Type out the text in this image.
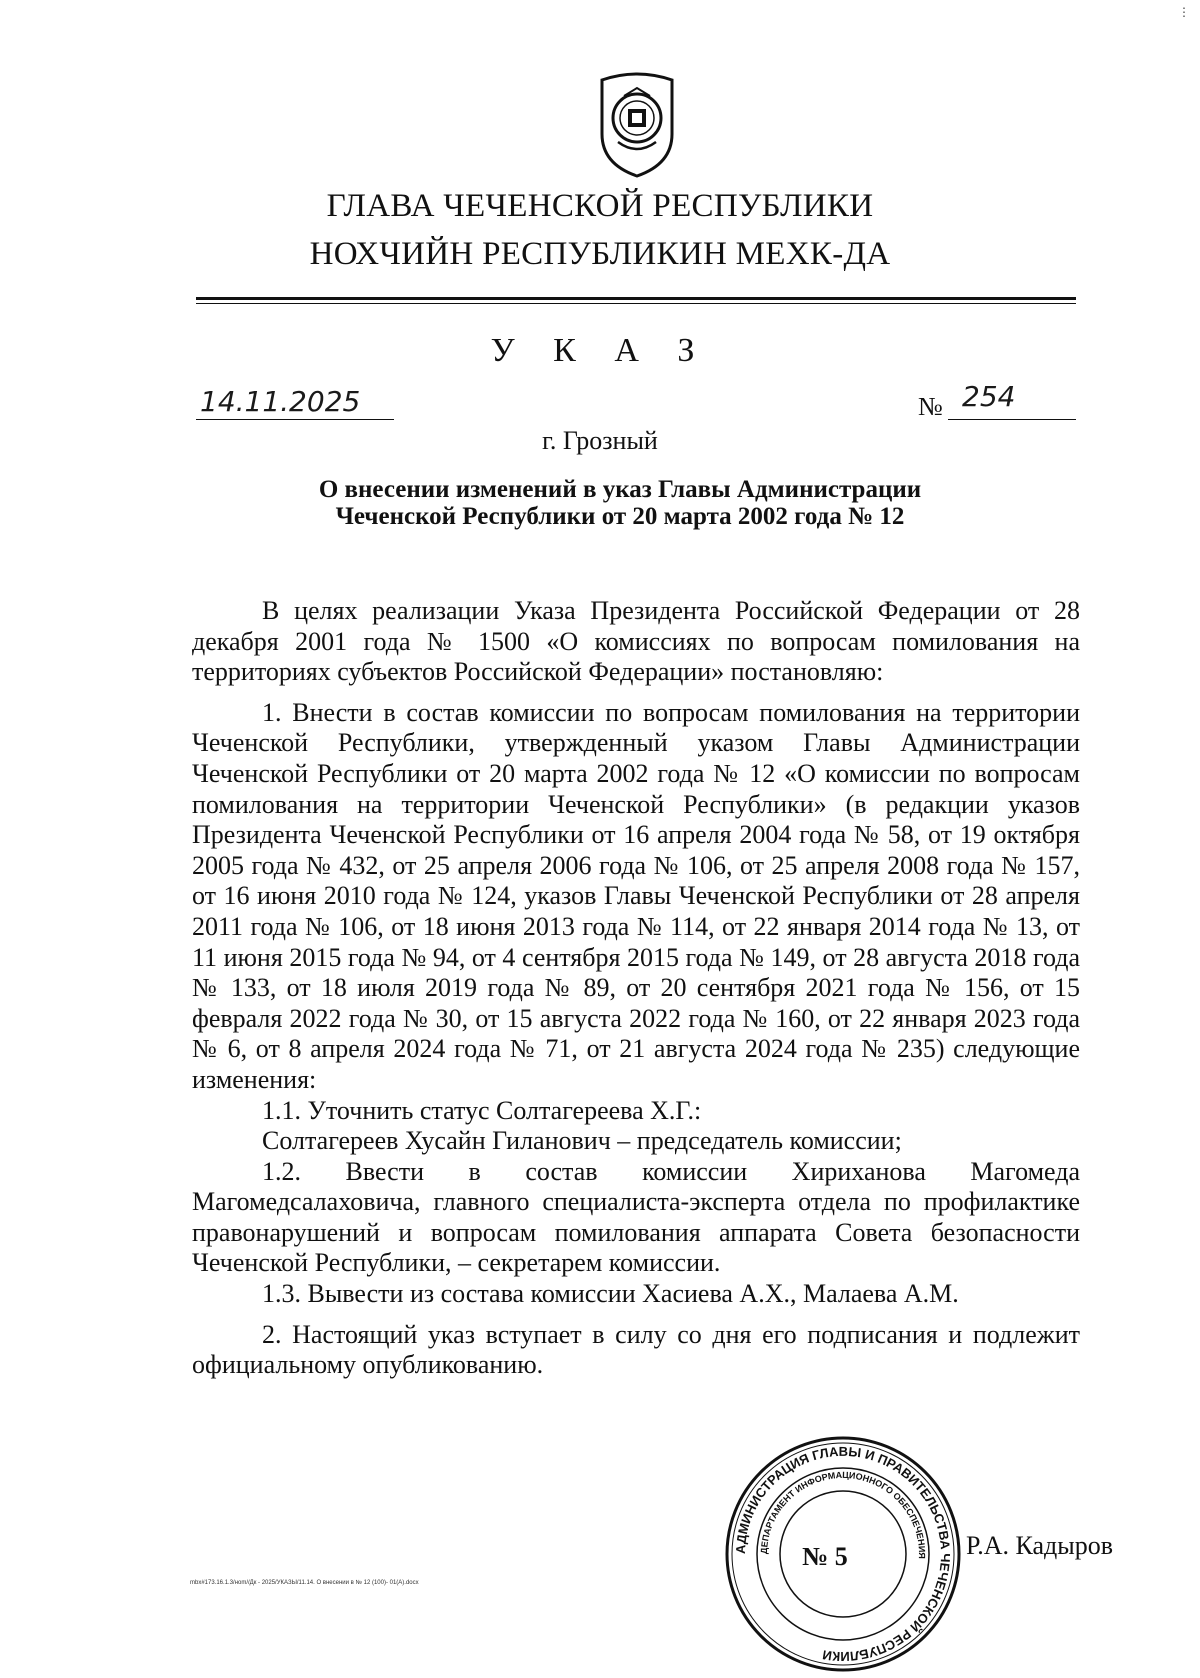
ГЛАВА ЧЕЧЕНСКОЙ РЕСПУБЛИКИ
НОХЧИЙН РЕСПУБЛИКИН МЕХК-ДА
У К А З
14.11.2025	№ 254
г. Грозный
О внесении изменений в указ Главы Администрации
Чеченской Республики от 20 марта 2002 года № 12

В целях реализации Указа Президента Российской Федерации от 28 декабря 2001 года № 1500 «О комиссиях по вопросам помилования на территориях субъектов Российской Федерации» постановляю:

1. Внести в состав комиссии по вопросам помилования на территории Чеченской Республики, утвержденный указом Главы Администрации Чеченской Республики от 20 марта 2002 года № 12 «О комиссии по вопросам помилования на территории Чеченской Республики» (в редакции указов Президента Чеченской Республики от 16 апреля 2004 года № 58, от 19 октября 2005 года № 432, от 25 апреля 2006 года № 106, от 25 апреля 2008 года № 157, от 16 июня 2010 года № 124, указов Главы Чеченской Республики от 28 апреля 2011 года № 106, от 18 июня 2013 года № 114, от 22 января 2014 года № 13, от 11 июня 2015 года № 94, от 4 сентября 2015 года № 149, от 28 августа 2018 года № 133, от 18 июля 2019 года № 89, от 20 сентября 2021 года № 156, от 15 февраля 2022 года № 30, от 15 августа 2022 года № 160, от 22 января 2023 года № 6, от 8 апреля 2024 года № 71, от 21 августа 2024 года № 235) следующие изменения:

1.1. Уточнить статус Солтагереева Х.Г.:

Солтагереев Хусайн Гиланович – председатель комиссии;

1.2. Ввести в состав комиссии Хириханова Магомеда Магомедсалаховича, главного специалиста-эксперта отдела по профилактике правонарушений и вопросам помилования аппарата Совета безопасности Чеченской Республики, – секретарем комиссии.

1.3. Вывести из состава комиссии Хасиева А.Х., Малаева А.М.

2. Настоящий указ вступает в силу со дня его подписания и подлежит официальному опубликованию.

mbx#173.16.1.3/ноm//Дк - 2025/УКАЗЫ/11.14. О внесении в № 12 (100)- 01(А).docx
Р.А. Кадыров
АДМИНИСТРАЦИЯ ГЛАВЫ И ПРАВИТЕЛЬСТВА ЧЕЧЕНСКОЙ РЕСПУБЛИКИ
ДЕПАРТАМЕНТ ИНФОРМАЦИОННОГО ОБЕСПЕЧЕНИЯ
№ 5
⋮
